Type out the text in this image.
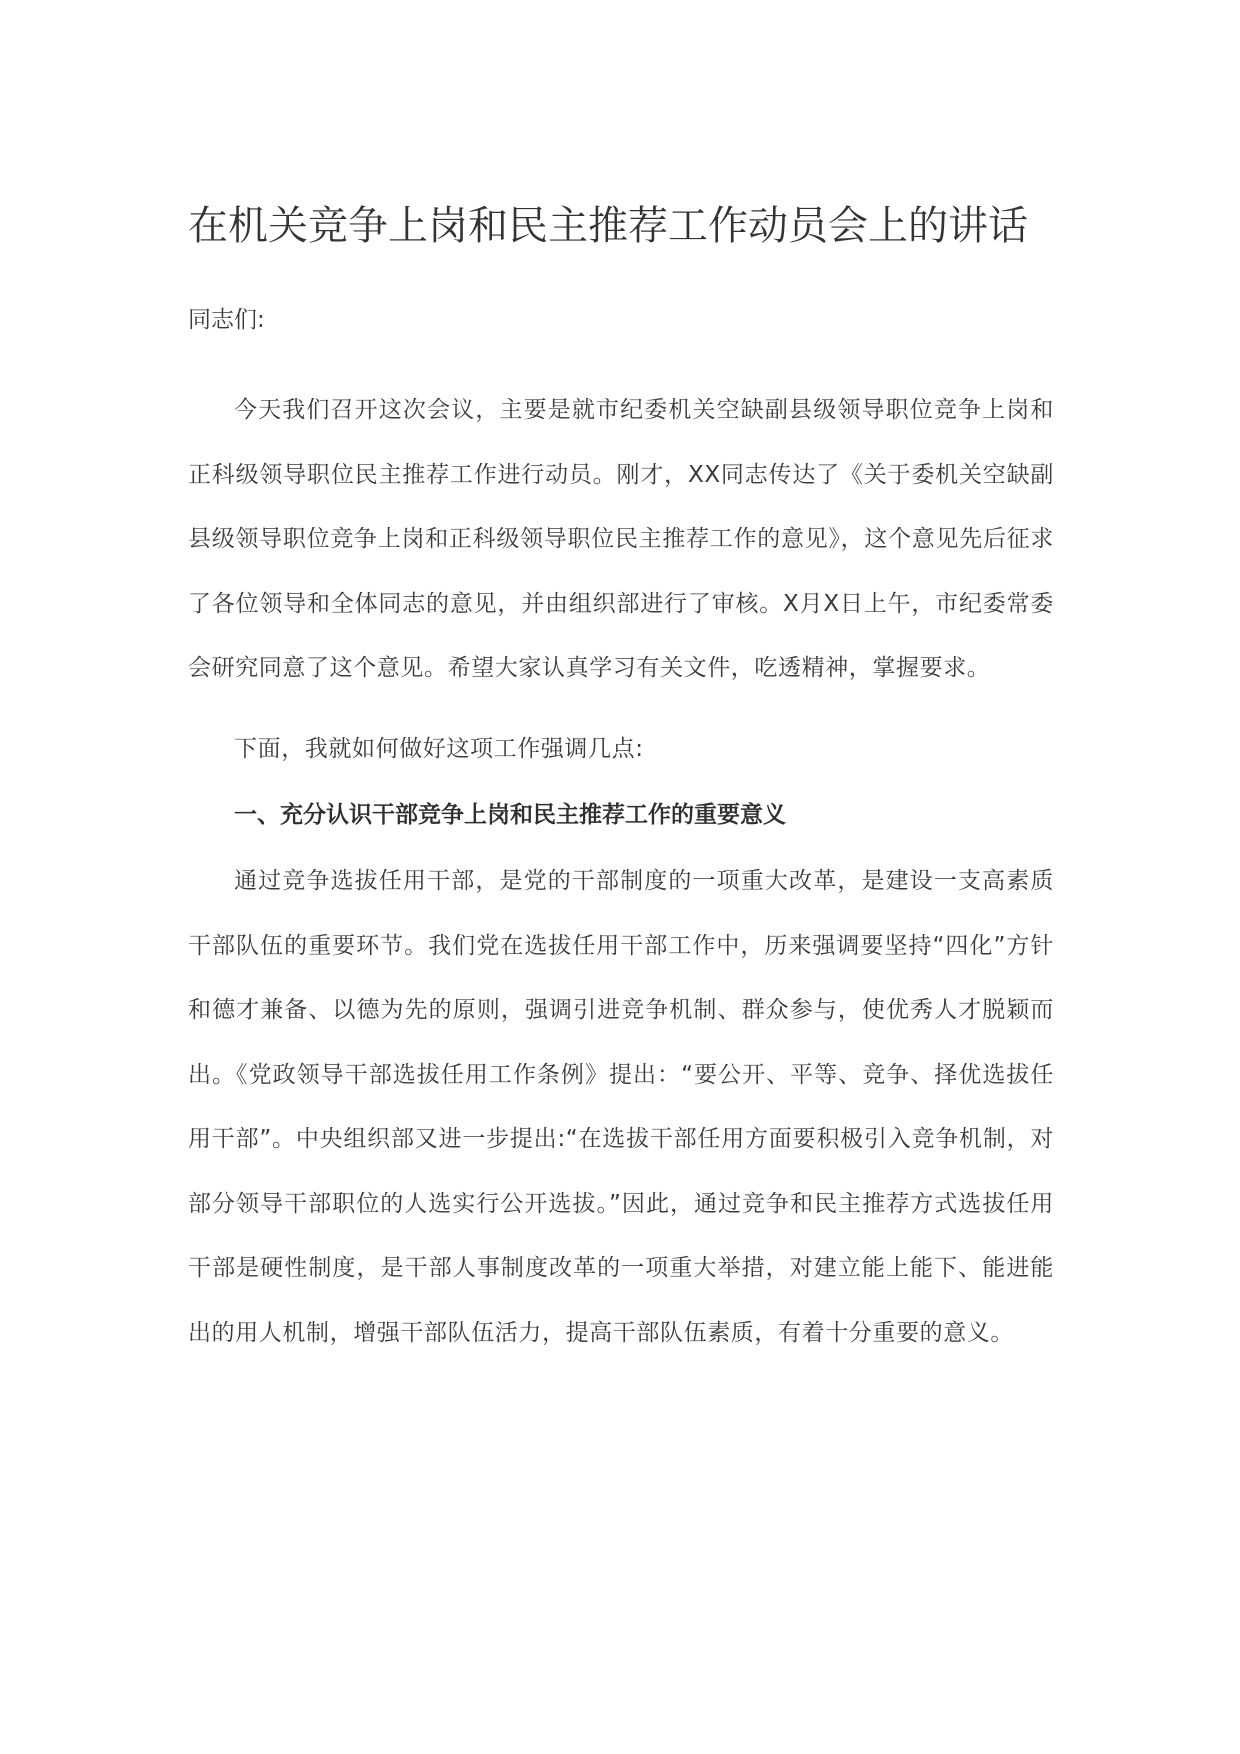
在机关竞争上岗和民主推荐工作动员会上的讲话

同志们:

今天我们召开这次会议，主要是就市纪委机关空缺副县级领导职位竞争上岗和正科级领导职位民主推荐工作进行动员。刚才，XX同志传达了《关于委机关空缺副县级领导职位竞争上岗和正科级领导职位民主推荐工作的意见》，这个意见先后征求了各位领导和全体同志的意见，并由组织部进行了审核。X月X日上午，市纪委常委会研究同意了这个意见。希望大家认真学习有关文件，吃透精神，掌握要求。

下面，我就如何做好这项工作强调几点:

一、充分认识干部竞争上岗和民主推荐工作的重要意义

通过竞争选拔任用干部，是党的干部制度的一项重大改革，是建设一支高素质干部队伍的重要环节。我们党在选拔任用干部工作中，历来强调要坚持“四化”方针和德才兼备、以德为先的原则，强调引进竞争机制、群众参与，使优秀人才脱颖而出。《党政领导干部选拔任用工作条例》提出：“要公开、平等、竞争、择优选拔任用干部”。中央组织部又进一步提出:“在选拔干部任用方面要积极引入竞争机制，对部分领导干部职位的人选实行公开选拔。”因此，通过竞争和民主推荐方式选拔任用干部是硬性制度，是干部人事制度改革的一项重大举措，对建立能上能下、能进能出的用人机制，增强干部队伍活力，提高干部队伍素质，有着十分重要的意义。
